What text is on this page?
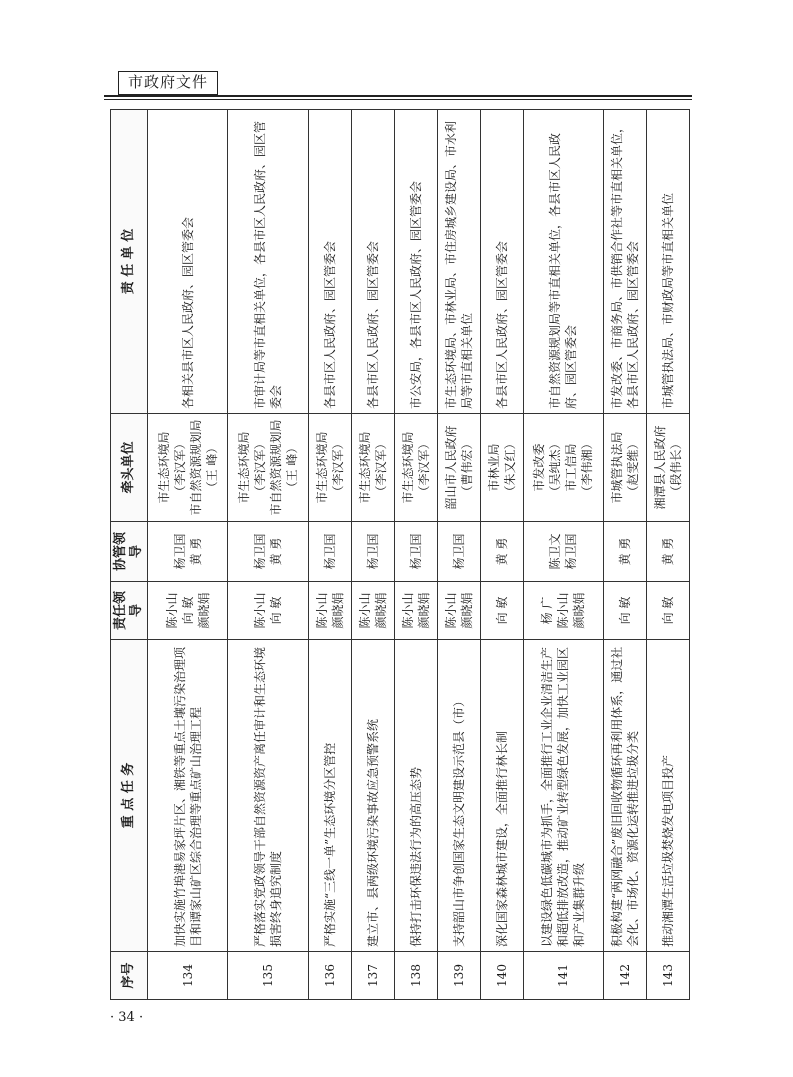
市政府文件
序号	重 点 任 务	责任领导	协管领导	牵头单位	责 任 单 位
134	加快实施竹埠港易家坪片区、湘铁等重点土壤污染治理项目和谭家山矿区综合治理等重点矿山治理工程	陈小山
向 敏
颜晓娟	杨卫国
黄 勇	市生态环境局
（李汉军）
市自然资源规划局
（王 峰）	各相关县市区人民政府、园区管委会
135	严格落实党政领导干部自然资源资产离任审计和生态环境损害终身追究制度	陈小山
向 敏	杨卫国
黄 勇	市生态环境局
（李汉军）
市自然资源规划局
（王 峰）	市审计局等市直相关单位，各县市区人民政府、园区管委会
136	严格实施“三线一单”生态环境分区管控	陈小山
颜晓娟	杨卫国	市生态环境局
（李汉军）	各县市区人民政府、园区管委会
137	建立市、县两级环境污染事故应急预警系统	陈小山
颜晓娟	杨卫国	市生态环境局
（李汉军）	各县市区人民政府、园区管委会
138	保持打击环保违法行为的高压态势	陈小山
颜晓娟	杨卫国	市生态环境局
（李汉军）	市公安局，各县市区人民政府、园区管委会
139	支持韶山市争创国家生态文明建设示范县（市）	陈小山
颜晓娟	杨卫国	韶山市人民政府
（曹伟宏）	市生态环境局、市林业局、市住房城乡建设局、市水利局等市直相关单位
140	深化国家森林城市建设，全面推行林长制	向 敏	黄 勇	市林业局
（朱又红）	各县市区人民政府、园区管委会
141	以建设绿色低碳城市为抓手，全面推行工业企业清洁生产和超低排放改造，推动矿业转型绿色发展，加快工业园区和产业集群升级	杨 广
陈小山
颜晓娟	陈卫文
杨卫国	市发改委
（吴纯杰）
市工信局
（李伟湘）	市自然资源规划局等市直相关单位，各县市区人民政府、园区管委会
142	积极构建“两网融合”废旧回收物循环再利用体系，通过社会化、市场化、资源化运转推进垃圾分类	向 敏	黄 勇	市城管执法局
（赵雯维）	市发改委、市商务局、市供销合作社等市直相关单位，各县市区人民政府、园区管委会
143	推动湘潭生活垃圾焚烧发电项目投产	向 敏	黄 勇	湘潭县人民政府
（段伟长）	市城管执法局、市财政局等市直相关单位
· 34 ·
